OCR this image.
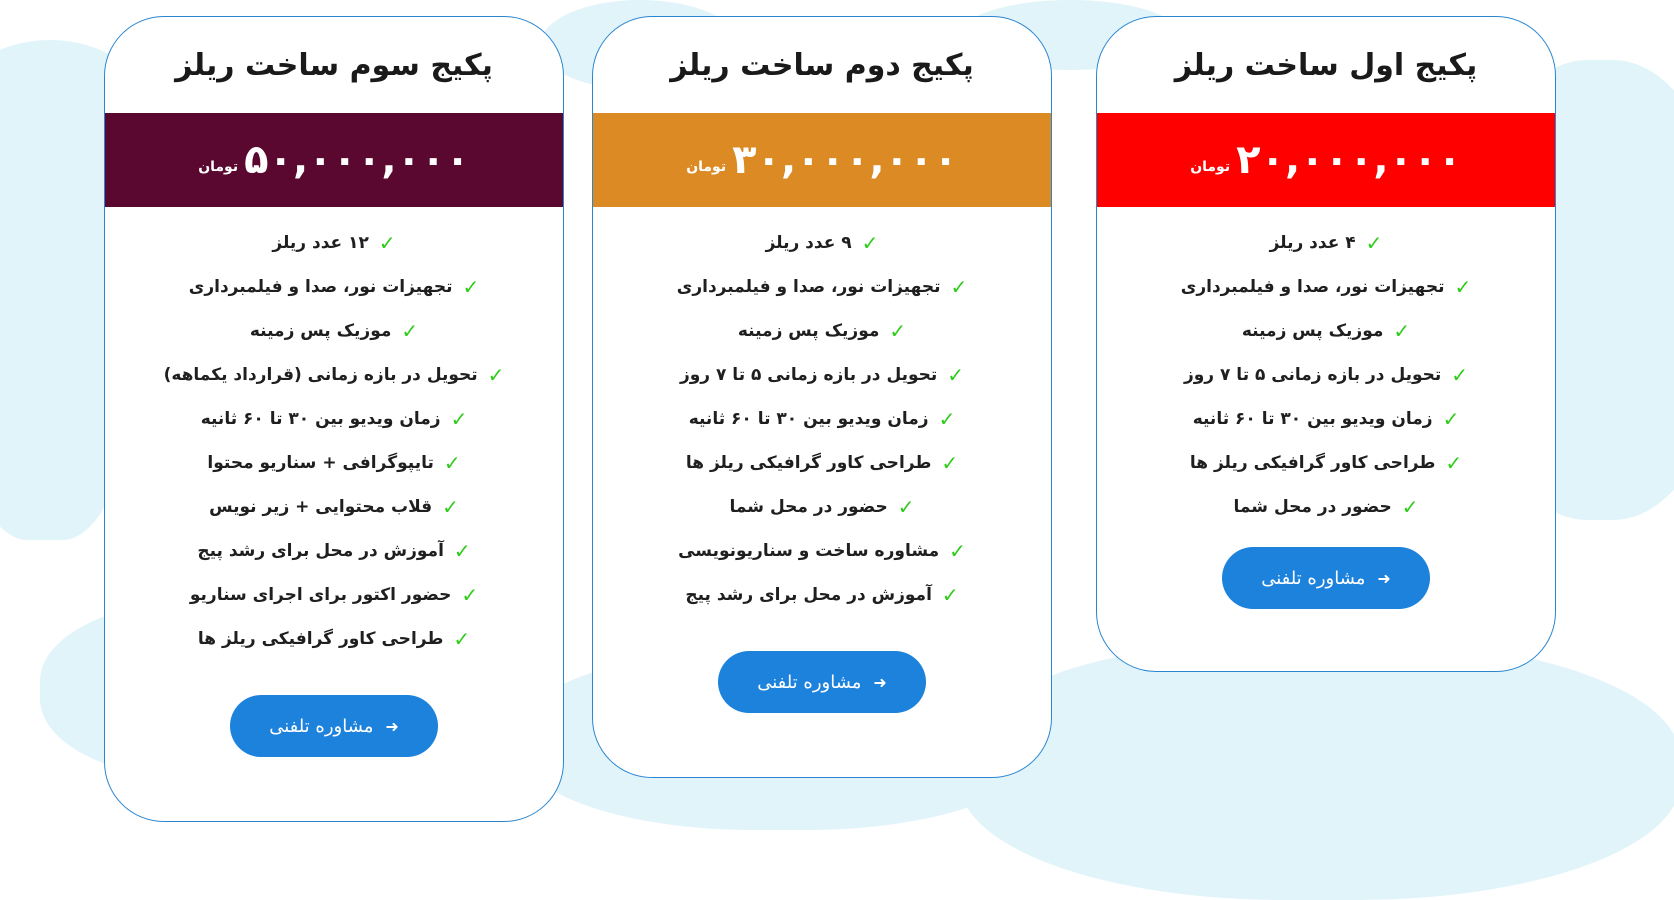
پکیج اول ساخت ریلز
۲۰,۰۰۰,۰۰۰
تومان
✓
۴ عدد ریلز
✓
تجهیزات نور، صدا و فیلمبرداری
✓
موزیک پس زمینه
✓
تحویل در بازه زمانی ۵ تا ۷ روز
✓
زمان ویدیو بین ۳۰ تا ۶۰ ثانیه
✓
طراحی کاور گرافیکی ریلز ها
✓
حضور در محل شما
➜
مشاوره تلفنی
پکیج دوم ساخت ریلز
۳۰,۰۰۰,۰۰۰
تومان
✓
۹ عدد ریلز
✓
تجهیزات نور، صدا و فیلمبرداری
✓
موزیک پس زمینه
✓
تحویل در بازه زمانی ۵ تا ۷ روز
✓
زمان ویدیو بین ۳۰ تا ۶۰ ثانیه
✓
طراحی کاور گرافیکی ریلز ها
✓
حضور در محل شما
✓
مشاوره ساخت و سناریونویسی
✓
آموزش در محل برای رشد پیج
➜
مشاوره تلفنی
پکیج سوم ساخت ریلز
۵۰,۰۰۰,۰۰۰
تومان
✓
۱۲ عدد ریلز
✓
تجهیزات نور، صدا و فیلمبرداری
✓
موزیک پس زمینه
✓
تحویل در بازه زمانی (قرارداد یکماهه)
✓
زمان ویدیو بین ۳۰ تا ۶۰ ثانیه
✓
تایپوگرافی + سناریو محتوا
✓
قلاب محتوایی + زیر نویس
✓
آموزش در محل برای رشد پیج
✓
حضور اکتور برای اجرای سناریو
✓
طراحی کاور گرافیکی ریلز ها
➜
مشاوره تلفنی
